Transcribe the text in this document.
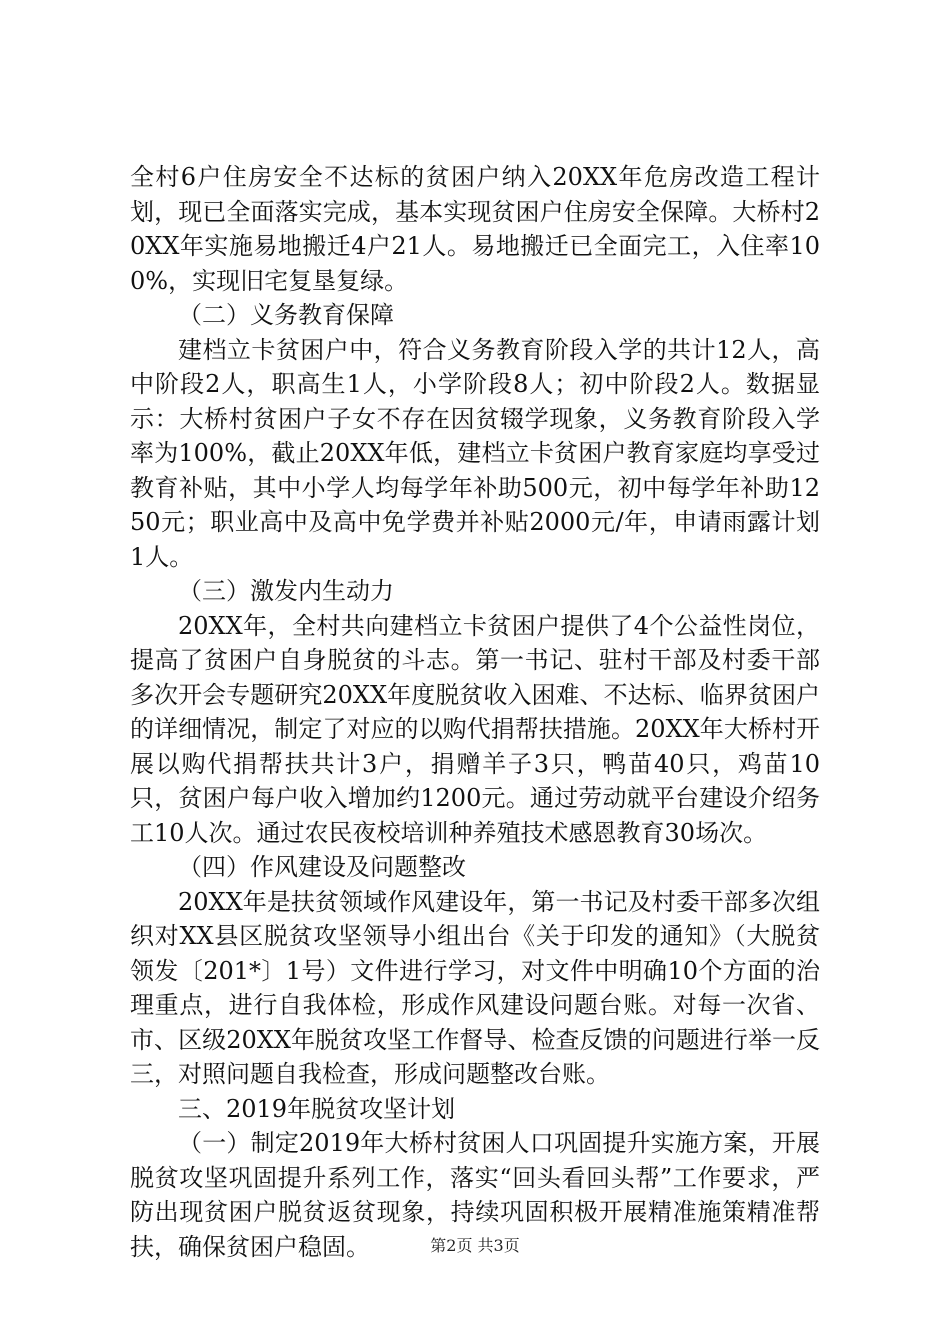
全村6户住房安全不达标的贫困户纳入20XX年危房改造工程计划，现已全面落实完成，基本实现贫困户住房安全保障。大桥村20XX年实施易地搬迁4户21人。易地搬迁已全面完工，入住率100%，实现旧宅复垦复绿。

（二）义务教育保障

建档立卡贫困户中，符合义务教育阶段入学的共计12人，高中阶段2人，职高生1人，小学阶段8人；初中阶段2人。数据显示：大桥村贫困户子女不存在因贫辍学现象，义务教育阶段入学率为100%，截止20XX年低，建档立卡贫困户教育家庭均享受过教育补贴，其中小学人均每学年补助500元，初中每学年补助1250元；职业高中及高中免学费并补贴2000元/年，申请雨露计划1人。

（三）激发内生动力

20XX年，全村共向建档立卡贫困户提供了4个公益性岗位，提高了贫困户自身脱贫的斗志。第一书记、驻村干部及村委干部多次开会专题研究20XX年度脱贫收入困难、不达标、临界贫困户的详细情况，制定了对应的以购代捐帮扶措施。20XX年大桥村开展以购代捐帮扶共计3户，捐赠羊子3只，鸭苗40只，鸡苗10只，贫困户每户收入增加约1200元。通过劳动就平台建设介绍务工10人次。通过农民夜校培训种养殖技术感恩教育30场次。

（四）作风建设及问题整改

20XX年是扶贫领域作风建设年，第一书记及村委干部多次组织对XX县区脱贫攻坚领导小组出台《关于印发的通知》（大脱贫领发〔201*〕1号）文件进行学习，对文件中明确10个方面的治理重点，进行自我体检，形成作风建设问题台账。对每一次省、市、区级20XX年脱贫攻坚工作督导、检查反馈的问题进行举一反三，对照问题自我检查，形成问题整改台账。

三、2019年脱贫攻坚计划

（一）制定2019年大桥村贫困人口巩固提升实施方案，开展脱贫攻坚巩固提升系列工作，落实“回头看回头帮”工作要求，严防出现贫困户脱贫返贫现象，持续巩固积极开展精准施策精准帮扶，确保贫困户稳固。	第2页 共3页
